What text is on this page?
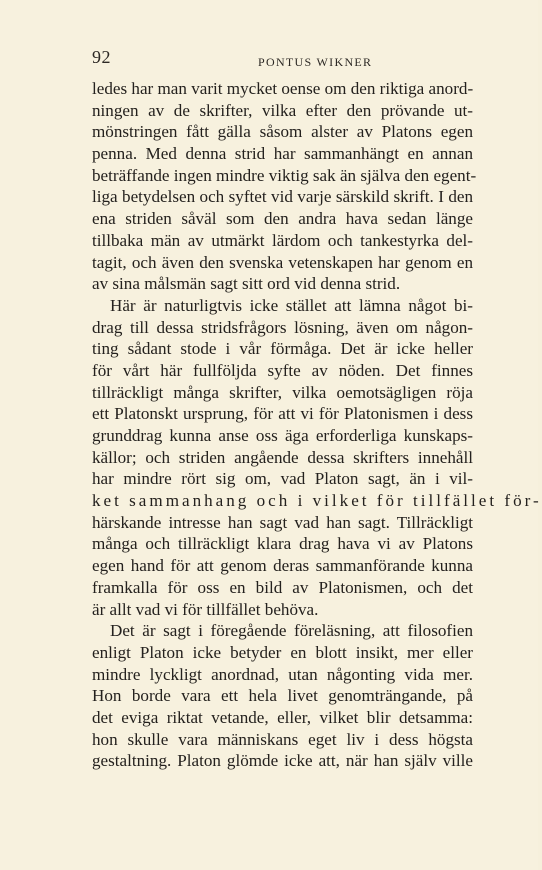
92	PONTUS WIKNER
ledes har man varit mycket oense om den riktiga anord-
ningen av de skrifter, vilka efter den prövande ut-
mönstringen fått gälla såsom alster av Platons egen
penna. Med denna strid har sammanhängt en annan
beträffande ingen mindre viktig sak än själva den egent-
liga betydelsen och syftet vid varje särskild skrift. I den
ena striden såväl som den andra hava sedan länge
tillbaka män av utmärkt lärdom och tankestyrka del-
tagit, och även den svenska vetenskapen har genom en
av sina målsmän sagt sitt ord vid denna strid.
Här är naturligtvis icke stället att lämna något bi-
drag till dessa stridsfrågors lösning, även om någon-
ting sådant stode i vår förmåga. Det är icke heller
för vårt här fullföljda syfte av nöden. Det finnes
tillräckligt många skrifter, vilka oemotsägligen röja
ett Platonskt ursprung, för att vi för Platonismen i dess
grunddrag kunna anse oss äga erforderliga kunskaps-
källor; och striden angående dessa skrifters innehåll
har mindre rört sig om, vad Platon sagt, än i vil-
ket sammanhang och i vilket för tillfället för-
härskande intresse han sagt vad han sagt. Tillräckligt
många och tillräckligt klara drag hava vi av Platons
egen hand för att genom deras sammanförande kunna
framkalla för oss en bild av Platonismen, och det
är allt vad vi för tillfället behöva.
Det är sagt i föregående föreläsning, att filosofien
enligt Platon icke betyder en blott insikt, mer eller
mindre lyckligt anordnad, utan någonting vida mer.
Hon borde vara ett hela livet genomträngande, på
det eviga riktat vetande, eller, vilket blir detsamma:
hon skulle vara människans eget liv i dess högsta
gestaltning. Platon glömde icke att, när han själv ville
